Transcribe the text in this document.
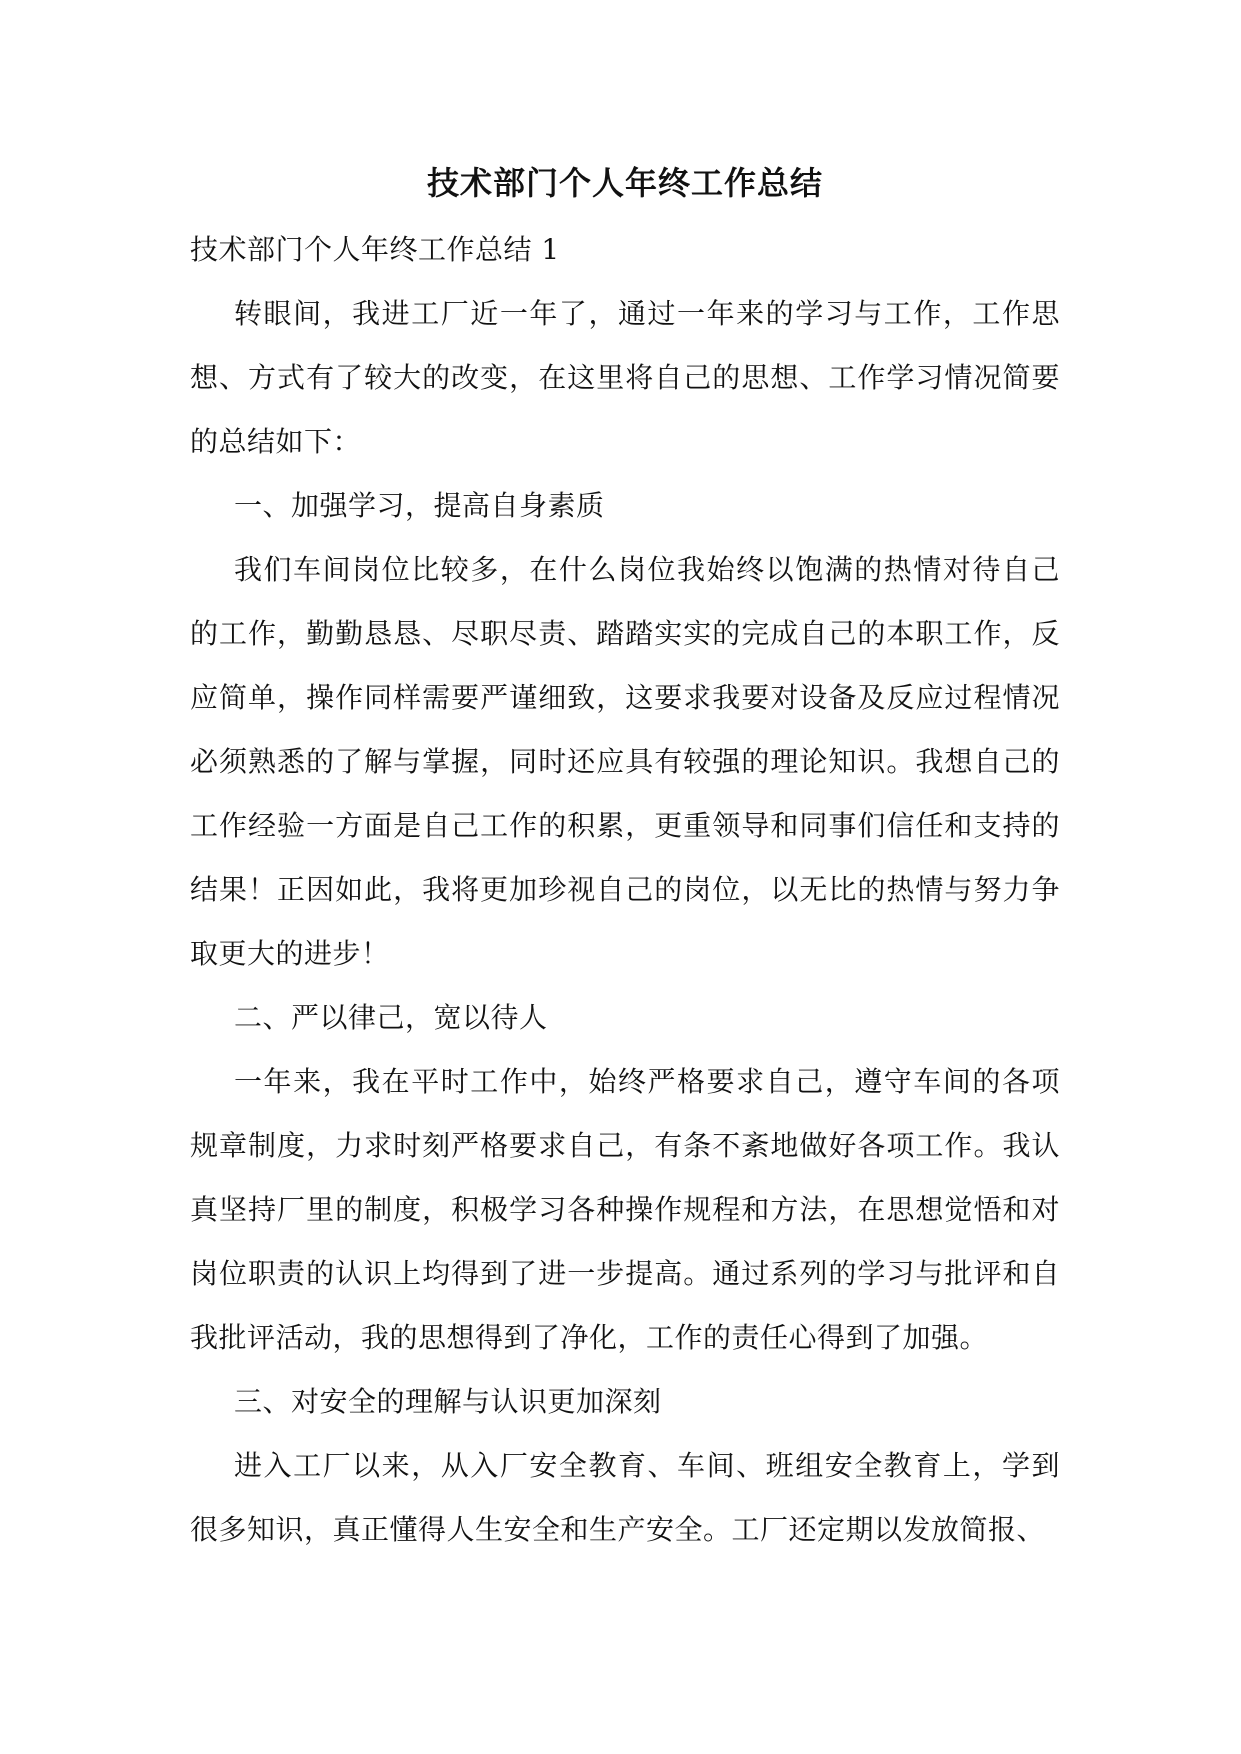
技术部门个人年终工作总结

技术部门个人年终工作总结 1

转眼间，我进工厂近一年了，通过一年来的学习与工作，工作思想、方式有了较大的改变，在这里将自己的思想、工作学习情况简要的总结如下：

一、加强学习，提高自身素质

我们车间岗位比较多，在什么岗位我始终以饱满的热情对待自己的工作，勤勤恳恳、尽职尽责、踏踏实实的完成自己的本职工作，反应简单，操作同样需要严谨细致，这要求我要对设备及反应过程情况必须熟悉的了解与掌握，同时还应具有较强的理论知识。我想自己的工作经验一方面是自己工作的积累，更重领导和同事们信任和支持的结果！正因如此，我将更加珍视自己的岗位，以无比的热情与努力争取更大的进步！

二、严以律己，宽以待人

一年来，我在平时工作中，始终严格要求自己，遵守车间的各项规章制度，力求时刻严格要求自己，有条不紊地做好各项工作。我认真坚持厂里的制度，积极学习各种操作规程和方法，在思想觉悟和对岗位职责的认识上均得到了进一步提高。通过系列的学习与批评和自我批评活动，我的思想得到了净化，工作的责任心得到了加强。

三、对安全的理解与认识更加深刻

进入工厂以来，从入厂安全教育、车间、班组安全教育上，学到很多知识，真正懂得人生安全和生产安全。工厂还定期以发放简报、
